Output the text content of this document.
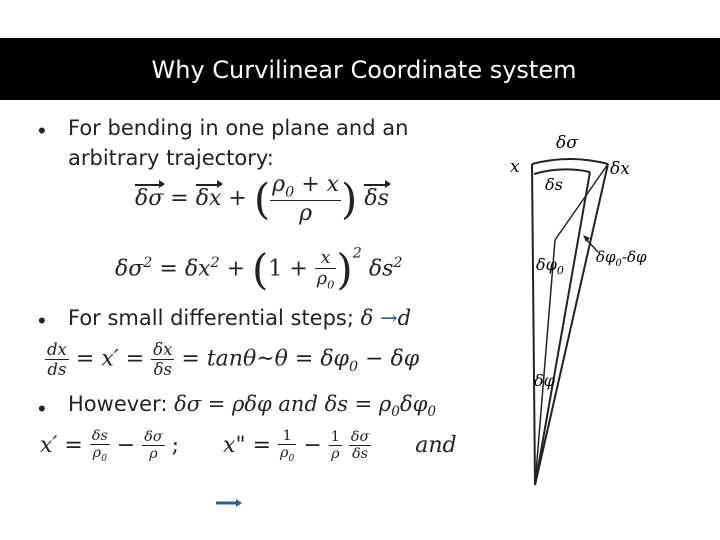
Why Curvilinear Coordinate system
• For bending in one plane and an
arbitrary trajectory:
δσ = δx + ( $\frac{\rho_0 + x}{\rho}$ ) δs
$\delta\sigma^2 = \delta x^2 + (1 + \frac{x}{\rho_0} )^2$ $\delta s^2$
• For small differential steps; δ →d
$\frac{dx}{ds} = x' = \frac{\delta x}{\delta s}$ = tanθ~θ = $\delta\varphi_0 - \delta\varphi$
• However: δσ = ρδφ and $\delta s = \rho_0\delta\varphi_0$
$x' = \frac{\delta s}{\rho_0} - \frac{\delta\sigma}{\rho}$ ; x" = $\frac{1}{\rho_0} - \frac{1}{\rho}$
$\frac{\delta\sigma}{\delta s}$ and
δσ
x	δx
δs
$\delta\varphi_0$
$\delta\varphi_0-\delta\varphi$
δφ
